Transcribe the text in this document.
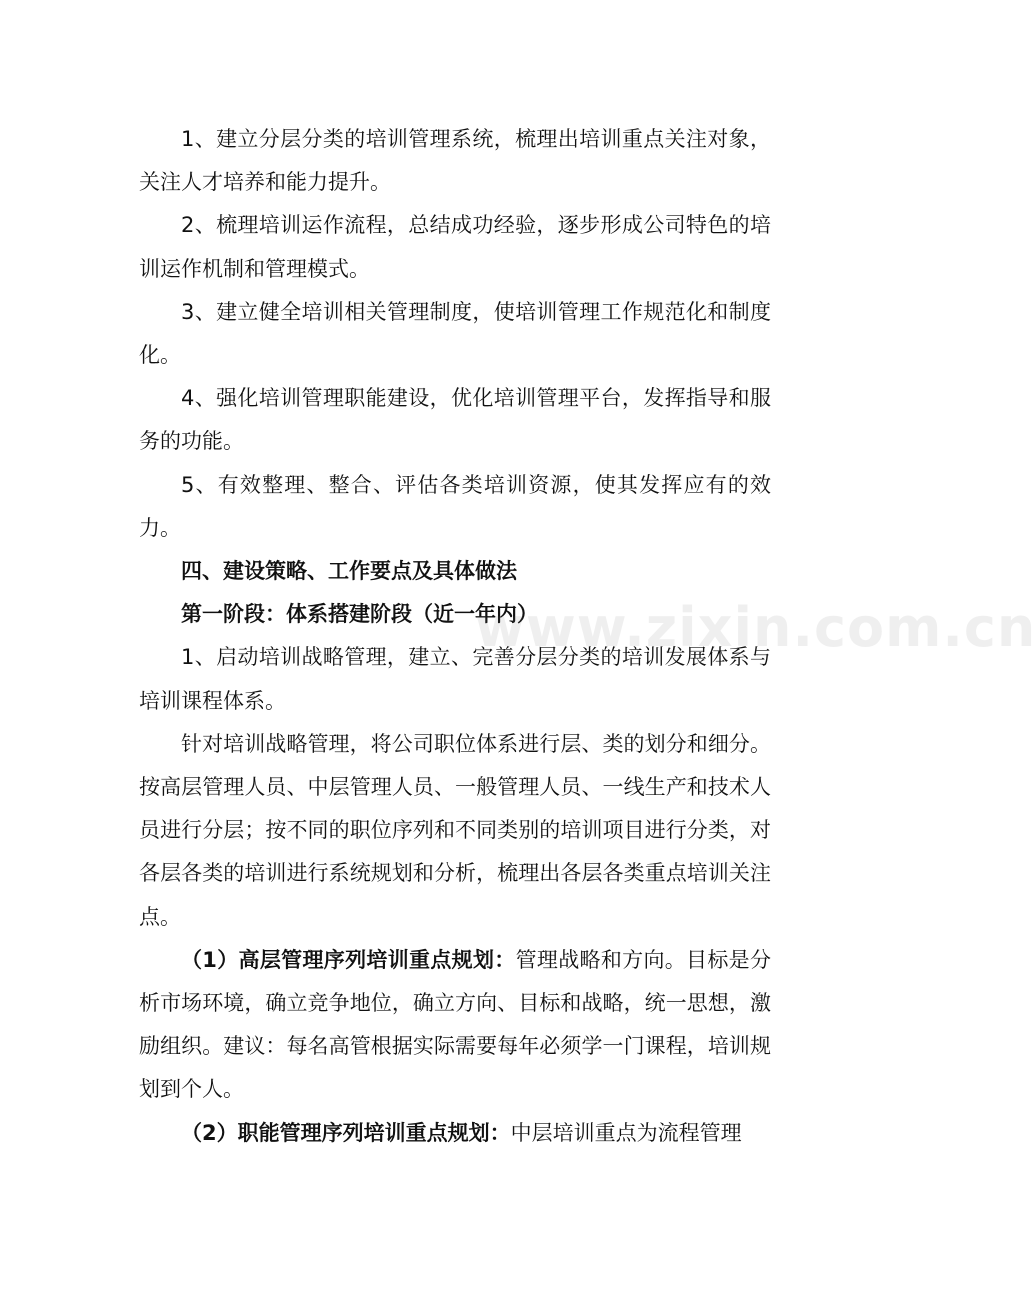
1、建立分层分类的培训管理系统，梳理出培训重点关注对象，关注人才培养和能力提升。

2、梳理培训运作流程，总结成功经验，逐步形成公司特色的培训运作机制和管理模式。

3、建立健全培训相关管理制度，使培训管理工作规范化和制度化。

4、强化培训管理职能建设，优化培训管理平台，发挥指导和服务的功能。

5、有效整理、整合、评估各类培训资源，使其发挥应有的效力。

四、建设策略、工作要点及具体做法

第一阶段：体系搭建阶段（近一年内）

1、启动培训战略管理，建立、完善分层分类的培训发展体系与培训课程体系。

针对培训战略管理，将公司职位体系进行层、类的划分和细分。按高层管理人员、中层管理人员、一般管理人员、一线生产和技术人员进行分层；按不同的职位序列和不同类别的培训项目进行分类，对各层各类的培训进行系统规划和分析，梳理出各层各类重点培训关注点。

（1）高层管理序列培训重点规划：管理战略和方向。目标是分析市场环境，确立竞争地位，确立方向、目标和战略，统一思想，激励组织。建议：每名高管根据实际需要每年必须学一门课程，培训规划到个人。

（2）职能管理序列培训重点规划：中层培训重点为流程管理

www.zixin.com.cn
